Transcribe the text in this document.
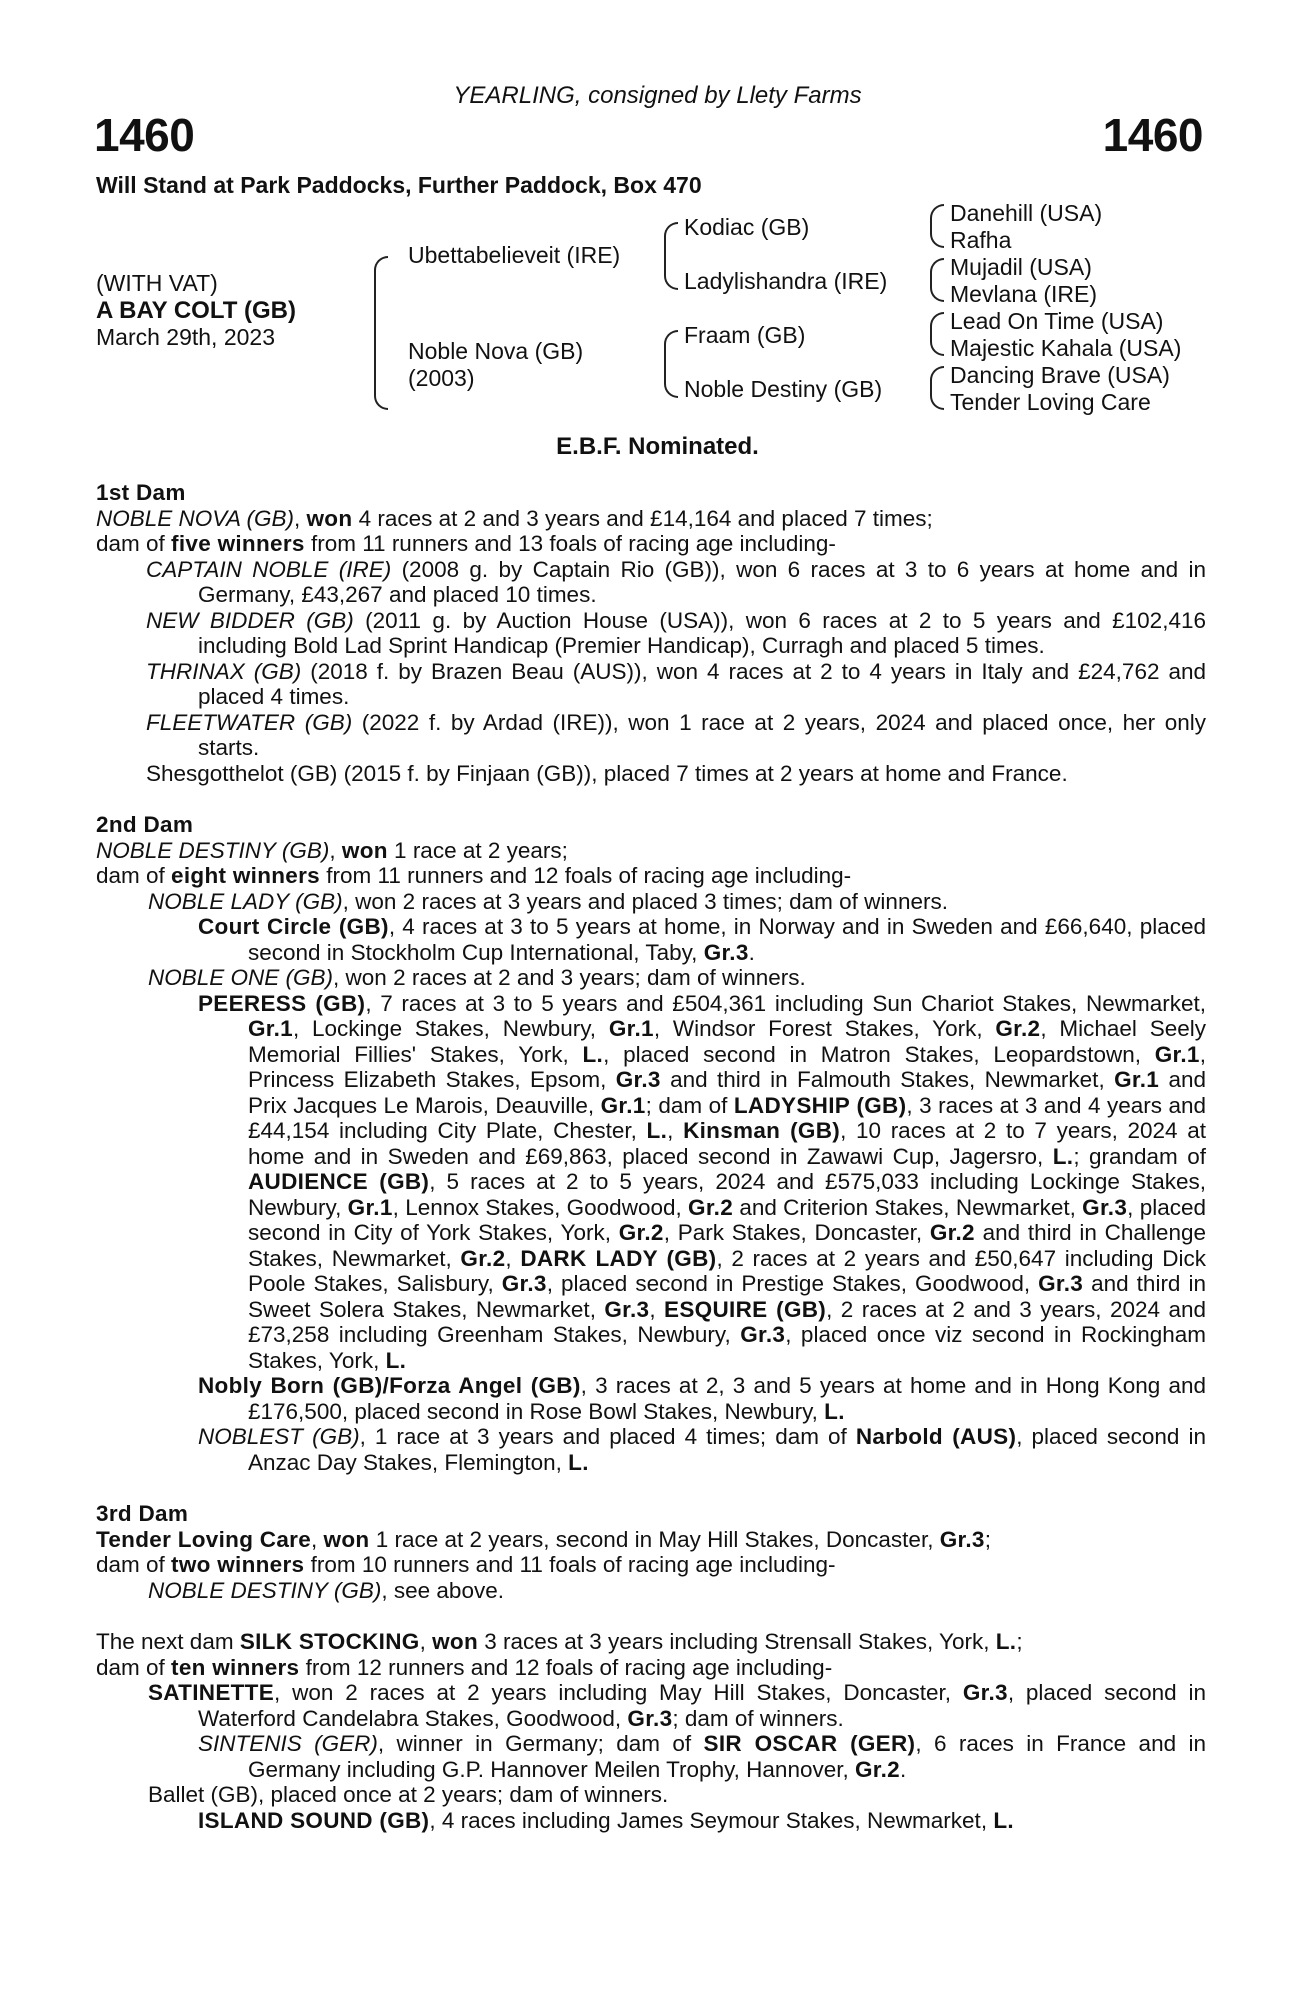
YEARLING, consigned by Llety Farms
1460	1460
Will Stand at Park Paddocks, Further Paddock, Box 470
(WITH VAT)
A BAY COLT (GB)
March 29th, 2023
Ubettabelieveit (IRE)
Noble Nova (GB)
(2003)
Kodiac (GB)
Ladylishandra (IRE)
Fraam (GB)
Noble Destiny (GB)
Danehill (USA)
Rafha
Mujadil (USA)
Mevlana (IRE)
Lead On Time (USA)
Majestic Kahala (USA)
Dancing Brave (USA)
Tender Loving Care
E.B.F. Nominated.

1st Dam

NOBLE NOVA (GB), won 4 races at 2 and 3 years and £14,164 and placed 7 times;

dam of five winners from 11 runners and 13 foals of racing age including-

CAPTAIN NOBLE (IRE) (2008 g. by Captain Rio (GB)), won 6 races at 3 to 6 years at home and in Germany, £43,267 and placed 10 times.

NEW BIDDER (GB) (2011 g. by Auction House (USA)), won 6 races at 2 to 5 years and £102,416 including Bold Lad Sprint Handicap (Premier Handicap), Curragh and placed 5 times.

THRINAX (GB) (2018 f. by Brazen Beau (AUS)), won 4 races at 2 to 4 years in Italy and £24,762 and placed 4 times.

FLEETWATER (GB) (2022 f. by Ardad (IRE)), won 1 race at 2 years, 2024 and placed once, her only starts.

Shesgotthelot (GB) (2015 f. by Finjaan (GB)), placed 7 times at 2 years at home and France.

2nd Dam

NOBLE DESTINY (GB), won 1 race at 2 years;

dam of eight winners from 11 runners and 12 foals of racing age including-

NOBLE LADY (GB), won 2 races at 3 years and placed 3 times; dam of winners.

Court Circle (GB), 4 races at 3 to 5 years at home, in Norway and in Sweden and £66,640, placed second in Stockholm Cup International, Taby, Gr.3.

NOBLE ONE (GB), won 2 races at 2 and 3 years; dam of winners.

PEERESS (GB), 7 races at 3 to 5 years and £504,361 including Sun Chariot Stakes, Newmarket, Gr.1, Lockinge Stakes, Newbury, Gr.1, Windsor Forest Stakes, York, Gr.2, Michael Seely Memorial Fillies' Stakes, York, L., placed second in Matron Stakes, Leopardstown, Gr.1, Princess Elizabeth Stakes, Epsom, Gr.3 and third in Falmouth Stakes, Newmarket, Gr.1 and Prix Jacques Le Marois, Deauville, Gr.1; dam of LADYSHIP (GB), 3 races at 3 and 4 years and £44,154 including City Plate, Chester, L., Kinsman (GB), 10 races at 2 to 7 years, 2024 at home and in Sweden and £69,863, placed second in Zawawi Cup, Jagersro, L.; grandam of AUDIENCE (GB), 5 races at 2 to 5 years, 2024 and £575,033 including Lockinge Stakes, Newbury, Gr.1, Lennox Stakes, Goodwood, Gr.2 and Criterion Stakes, Newmarket, Gr.3, placed second in City of York Stakes, York, Gr.2, Park Stakes, Doncaster, Gr.2 and third in Challenge Stakes, Newmarket, Gr.2, DARK LADY (GB), 2 races at 2 years and £50,647 including Dick Poole Stakes, Salisbury, Gr.3, placed second in Prestige Stakes, Goodwood, Gr.3 and third in Sweet Solera Stakes, Newmarket, Gr.3, ESQUIRE (GB), 2 races at 2 and 3 years, 2024 and £73,258 including Greenham Stakes, Newbury, Gr.3, placed once viz second in Rockingham Stakes, York, L.

Nobly Born (GB)/Forza Angel (GB), 3 races at 2, 3 and 5 years at home and in Hong Kong and £176,500, placed second in Rose Bowl Stakes, Newbury, L.

NOBLEST (GB), 1 race at 3 years and placed 4 times; dam of Narbold (AUS), placed second in Anzac Day Stakes, Flemington, L.

3rd Dam

Tender Loving Care, won 1 race at 2 years, second in May Hill Stakes, Doncaster, Gr.3;

dam of two winners from 10 runners and 11 foals of racing age including-

NOBLE DESTINY (GB), see above.

The next dam SILK STOCKING, won 3 races at 3 years including Strensall Stakes, York, L.;

dam of ten winners from 12 runners and 12 foals of racing age including-

SATINETTE, won 2 races at 2 years including May Hill Stakes, Doncaster, Gr.3, placed second in Waterford Candelabra Stakes, Goodwood, Gr.3; dam of winners.

SINTENIS (GER), winner in Germany; dam of SIR OSCAR (GER), 6 races in France and in Germany including G.P. Hannover Meilen Trophy, Hannover, Gr.2.

Ballet (GB), placed once at 2 years; dam of winners.

ISLAND SOUND (GB), 4 races including James Seymour Stakes, Newmarket, L.
